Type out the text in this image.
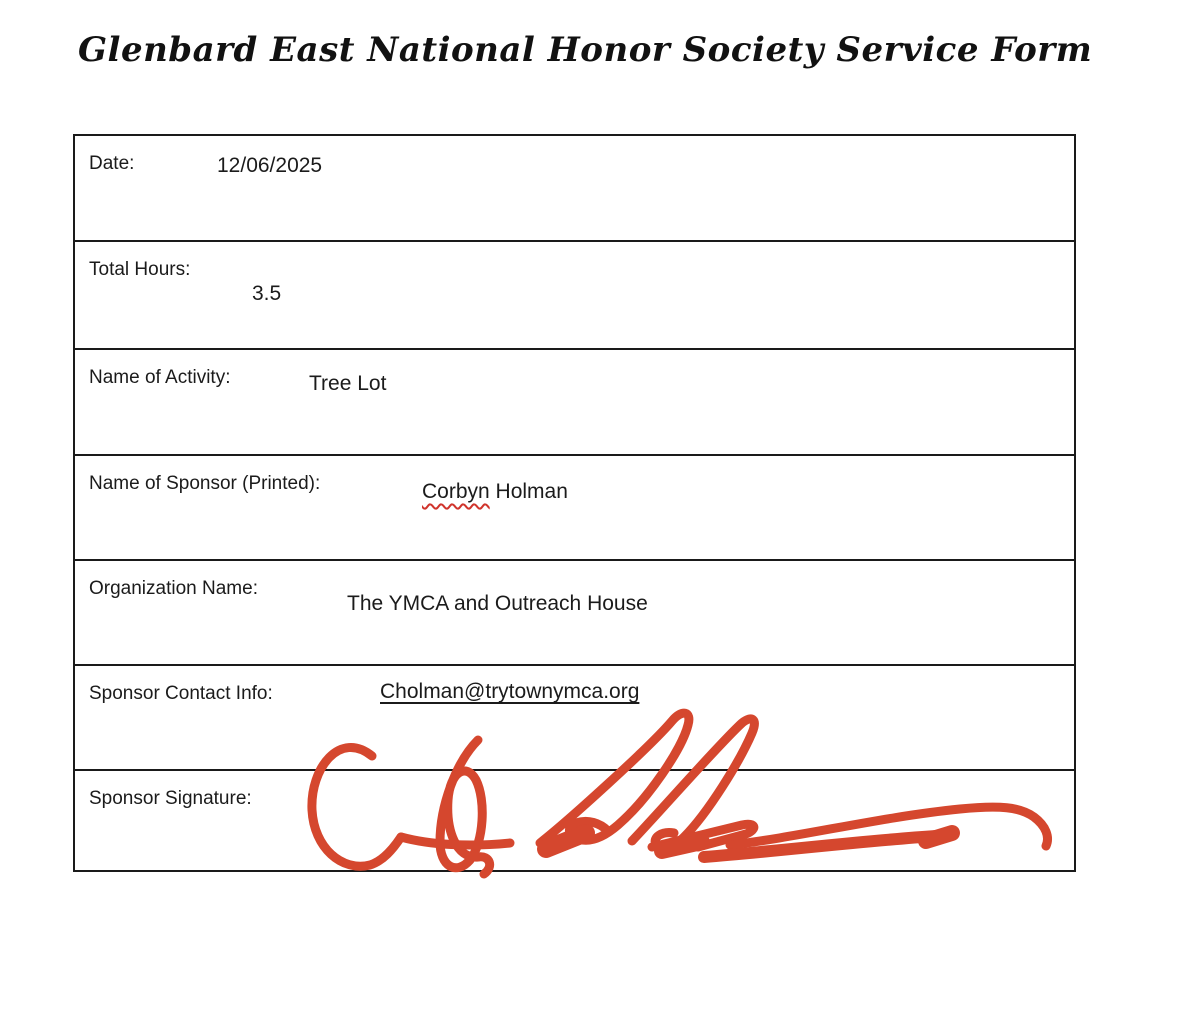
Glenbard East National Honor Society Service Form
Date:	12/06/2025
Total Hours:
3.5
Name of Activity:	Tree Lot
Name of Sponsor (Printed):	Corbyn Holman
Organization Name:
The YMCA and Outreach House
Sponsor Contact Info:	Cholman@trytownymca.org
Sponsor Signature:
